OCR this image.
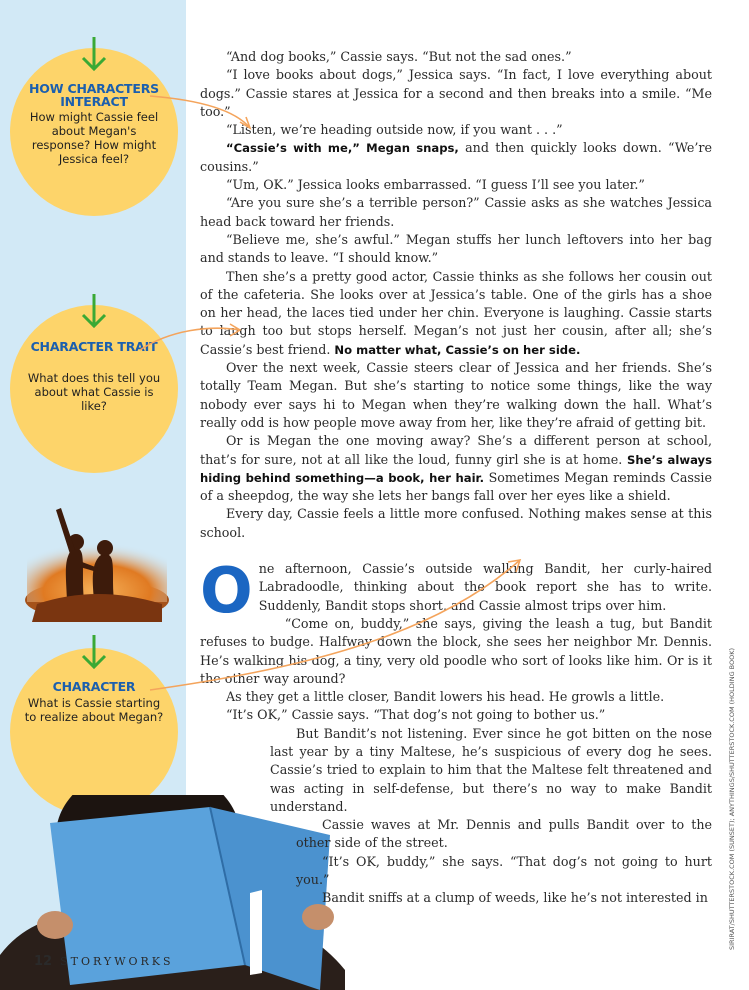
HOW CHARACTERS INTERACT
How might Cassie feel about Megan's response? How might Jessica feel?
CHARACTER TRAIT
What does this tell you about what Cassie is like?
CHARACTER
What is Cassie starting to realize about Megan?
12 STORYWORKS
SIRIRAT/SHUTTERSTOCK.COM (SUNSET); ANYTHINGS/SHUTTERSTOCK.COM (HOLDING BOOK)

“And dog books,” Cassie says. “But not the sad ones.”

“I love books about dogs,” Jessica says. “In fact, I love everything about dogs.” Cassie stares at Jessica for a second and then breaks into a smile. “Me too.”

“Listen, we’re heading outside now, if you want . . .”

“Cassie’s with me,” Megan snaps, and then quickly looks down. “We’re cousins.”

“Um, OK.” Jessica looks embarrassed. “I guess I’ll see you later.”

“Are you sure she’s a terrible person?” Cassie asks as she watches Jessica head back toward her friends.

“Believe me, she’s awful.” Megan stuffs her lunch leftovers into her bag and stands to leave. “I should know.”

Then she’s a pretty good actor, Cassie thinks as she follows her cousin out of the cafeteria. She looks over at Jessica’s table. One of the girls has a shoe on her head, the laces tied under her chin. Everyone is laughing. Cassie starts to laugh too but stops herself. Megan’s not just her cousin, after all; she’s Cassie’s best friend. No matter what, Cassie’s on her side.

Over the next week, Cassie steers clear of Jessica and her friends. She’s totally Team Megan. But she’s starting to notice some things, like the way nobody ever says hi to Megan when they’re walking down the hall. What’s really odd is how people move away from her, like they’re afraid of getting bit.

Or is Megan the one moving away? She’s a different person at school, that’s for sure, not at all like the loud, funny girl she is at home. She’s always hiding behind something—a book, her hair. Sometimes Megan reminds Cassie of a sheepdog, the way she lets her bangs fall over her eyes like a shield.

Every day, Cassie feels a little more confused. Nothing makes sense at this school.

O ne afternoon, Cassie’s outside walking Bandit, her curly-haired Labradoodle, thinking about the book report she has to write. Suddenly, Bandit stops short, and Cassie almost trips over him.

“Come on, buddy,” she says, giving the leash a tug, but Bandit refuses to budge. Halfway down the block, she sees her neighbor Mr. Dennis. He’s walking his dog, a tiny, very old poodle who sort of looks like him. Or is it the other way around?

As they get a little closer, Bandit lowers his head. He growls a little.

“It’s OK,” Cassie says. “That dog’s not going to bother us.”

But Bandit’s not listening. Ever since he got bitten on the nose last year by a tiny Maltese, he’s suspicious of every dog he sees. Cassie’s tried to explain to him that the Maltese felt threatened and was acting in self-defense, but there’s no way to make Bandit understand.

Cassie waves at Mr. Dennis and pulls Bandit over to the other side of the street.

“It’s OK, buddy,” she says. “That dog’s not going to hurt you.”

Bandit sniffs at a clump of weeds, like he’s not interested in
